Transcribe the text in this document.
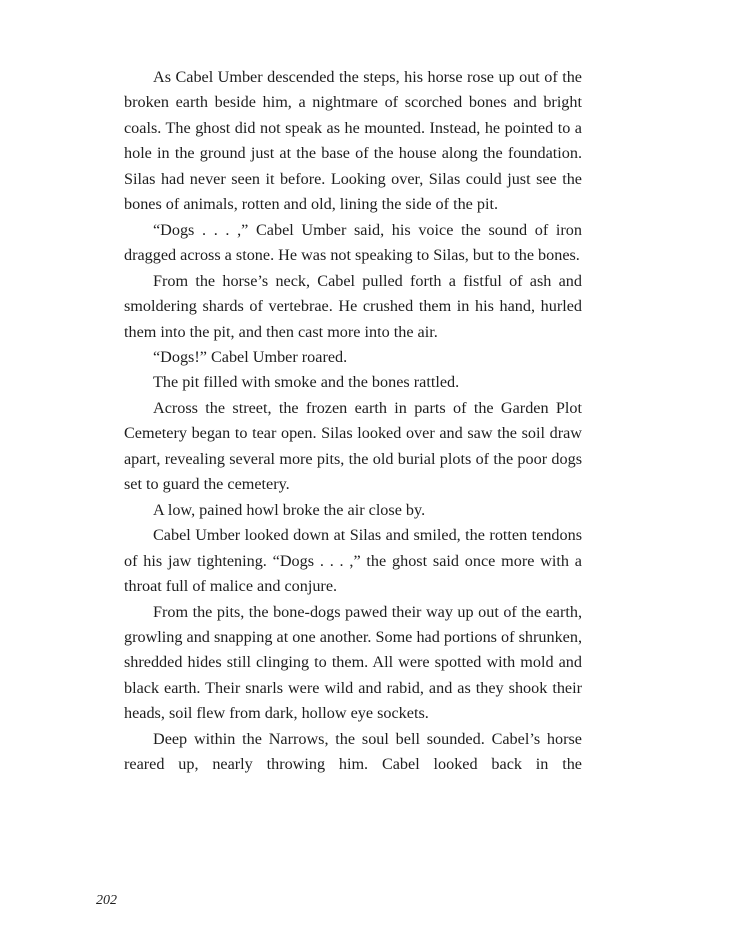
As Cabel Umber descended the steps, his horse rose up out of the broken earth beside him, a nightmare of scorched bones and bright coals. The ghost did not speak as he mounted. Instead, he pointed to a hole in the ground just at the base of the house along the foundation. Silas had never seen it before. Looking over, Silas could just see the bones of animals, rotten and old, lining the side of the pit.

“Dogs . . . ,” Cabel Umber said, his voice the sound of iron dragged across a stone. He was not speaking to Silas, but to the bones.

From the horse’s neck, Cabel pulled forth a fistful of ash and smoldering shards of vertebrae. He crushed them in his hand, hurled them into the pit, and then cast more into the air.

“Dogs!” Cabel Umber roared.

The pit filled with smoke and the bones rattled.

Across the street, the frozen earth in parts of the Garden Plot Cemetery began to tear open. Silas looked over and saw the soil draw apart, revealing several more pits, the old burial plots of the poor dogs set to guard the cemetery.

A low, pained howl broke the air close by.

Cabel Umber looked down at Silas and smiled, the rotten tendons of his jaw tightening. “Dogs . . . ,” the ghost said once more with a throat full of malice and conjure.

From the pits, the bone-dogs pawed their way up out of the earth, growling and snapping at one another. Some had portions of shrunken, shredded hides still clinging to them. All were spotted with mold and black earth. Their snarls were wild and rabid, and as they shook their heads, soil flew from dark, hollow eye sockets.

Deep within the Narrows, the soul bell sounded. Cabel’s horse reared up, nearly throwing him. Cabel looked back in the

202
